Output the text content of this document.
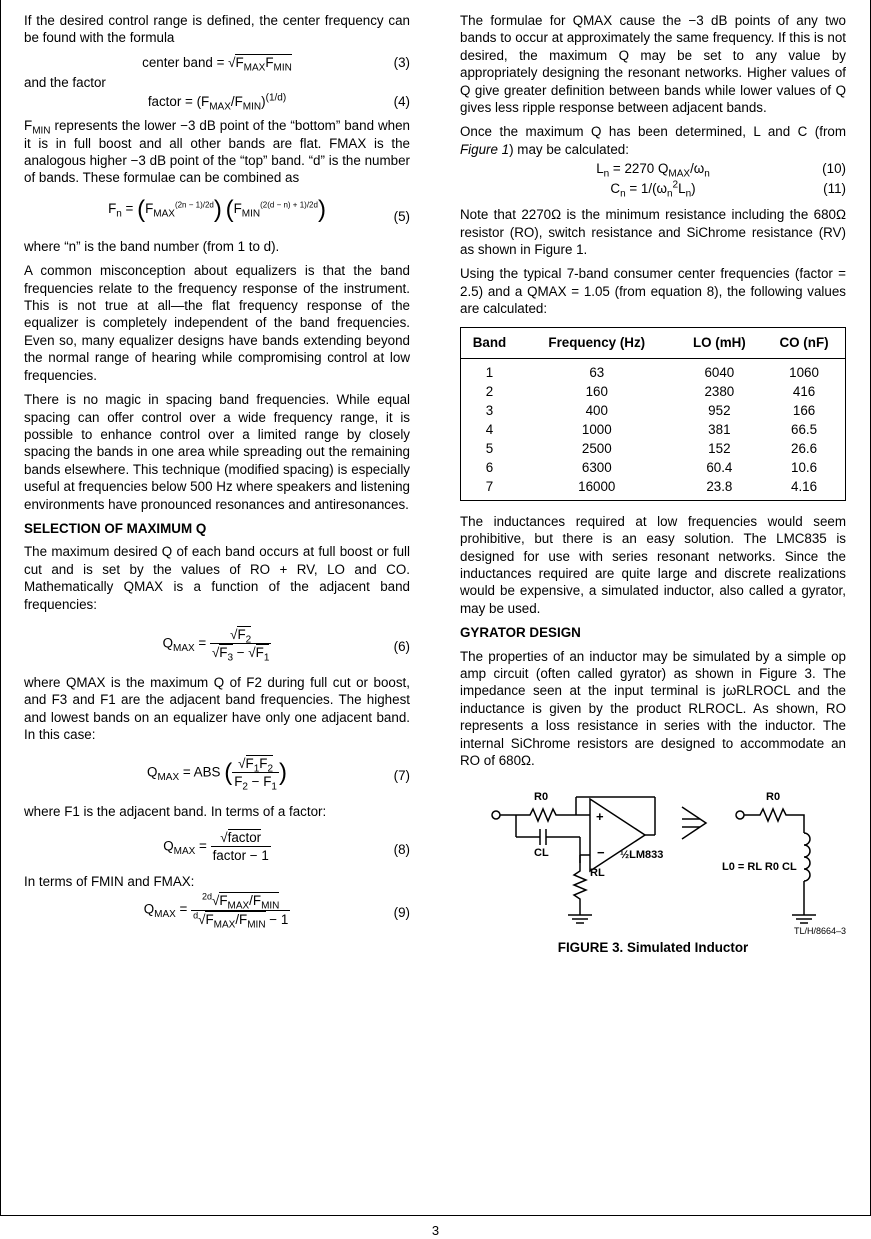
If the desired control range is defined, the center frequency can be found with the formula

center band = $√F_{MAX}F_{MIN}$	(3)

and the factor

factor = $(F_{MAX}/F_{MIN})^{(1/d)}$	(4)

$F_{MIN}$ represents the lower −3 dB point of the “bottom” band when it is in full boost and all other bands are flat. FMAX is the analogous higher −3 dB point of the “top” band. “d” is the number of bands. These formulae can be combined as

$F_n = (F_{MAX}^{(2n - 1)/2d})$ $(F_{MIN}^{(2(d - n) + 1)/2d})$	(5)

where “n” is the band number (from 1 to d).

A common misconception about equalizers is that the band frequencies relate to the frequency response of the instrument. This is not true at all—the flat frequency response of the equalizer is completely independent of the band frequencies. Even so, many equalizer designs have bands extending beyond the normal range of hearing while compromising control at low frequencies.

There is no magic in spacing band frequencies. While equal spacing can offer control over a wide frequency range, it is possible to enhance control over a limited range by closely spacing the bands in one area while spreading out the remaining bands elsewhere. This technique (modified spacing) is especially useful at frequencies below 500 Hz where speakers and listening environments have pronounced resonances and antiresonances.

SELECTION OF MAXIMUM Q

The maximum desired Q of each band occurs at full boost or full cut and is set by the values of RO + RV, LO and CO. Mathematically QMAX is a function of the adjacent band frequencies:

$Q_{MAX} = \frac{√F_2}{√F_3 - √F_1}$	(6)

where QMAX is the maximum Q of F2 during full cut or boost, and F3 and F1 are the adjacent band frequencies. The highest and lowest bands on an equalizer have only one adjacent band. In this case:

$Q_{MAX}$ = ABS ( $\frac{√F_1F_2}{F_2 - F_1}$ )	(7)

where F1 is the adjacent band. In terms of a factor:

$Q_{MAX} = \frac{\text{√factor}}{\text{factor − 1}}$	(8)

In terms of FMIN and FMAX:

$Q_{MAX} = \frac{^{2d}√F_{MAX}/F_{MIN}}{^d√F_{MAX}/F_{MIN} - 1}$	(9)

The formulae for QMAX cause the −3 dB points of any two bands to occur at approximately the same frequency. If this is not desired, the maximum Q may be set to any value by appropriately designing the resonant networks. Higher values of Q give greater definition between bands while lower values of Q gives less ripple response between adjacent bands.

Once the maximum Q has been determined, L and C (from Figure 1) may be calculated:

$L_n = 2270$ $Q_{MAX}/\omega_n$	(10)
$C_n = 1/(\omega_n^2L_n)$	(11)

Note that 2270Ω is the minimum resistance including the 680Ω resistor (RO), switch resistance and SiChrome resistance (RV) as shown in Figure 1.

Using the typical 7-band consumer center frequencies (factor = 2.5) and a QMAX = 1.05 (from equation 8), the following values are calculated:

Band	Frequency (Hz)	LO (mH)	CO (nF)
1	63	6040	1060
2	160	2380	416
3	400	952	166
4	1000	381	66.5
5	2500	152	26.6
6	6300	60.4	10.6
7	16000	23.8	4.16

The inductances required at low frequencies would seem prohibitive, but there is an easy solution. The LMC835 is designed for use with series resonant networks. Since the inductances required are quite large and discrete realizations would be expensive, a simulated inductor, also called a gyrator, may be used.

GYRATOR DESIGN

The properties of an inductor may be simulated by a simple op amp circuit (often called gyrator) as shown in Figure 3. The impedance seen at the input terminal is jωRLROCL and the inductance is given by the product RLROCL. As shown, RO represents a loss resistance in series with the inductor. The internal SiChrome resistors are designed to accommodate an RO of 680Ω.

+
−
R0
CL
RL
½LM833
R0
L0 = RL R0 CL
TL/H/8664–3
FIGURE 3. Simulated Inductor
3
